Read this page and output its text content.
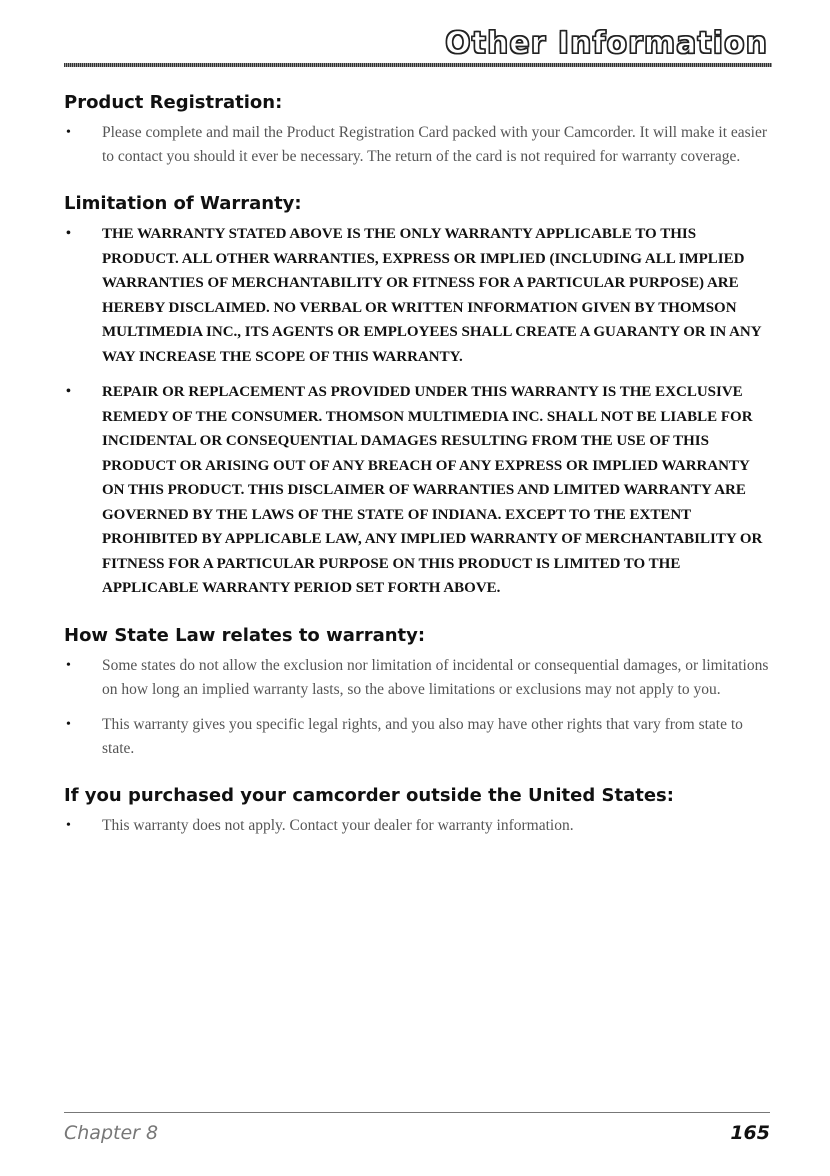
Other Information
Product Registration:
• Please complete and mail the Product Registration Card packed with your Camcorder. It will make it easier to contact you should it ever be necessary. The return of the card is not required for warranty coverage.
Limitation of Warranty:
• THE WARRANTY STATED ABOVE IS THE ONLY WARRANTY APPLICABLE TO THIS PRODUCT. ALL OTHER WARRANTIES, EXPRESS OR IMPLIED (INCLUDING ALL IMPLIED WARRANTIES OF MERCHANTABILITY OR FITNESS FOR A PARTICULAR PURPOSE) ARE HEREBY DISCLAIMED. NO VERBAL OR WRITTEN INFORMATION GIVEN BY THOMSON MULTIMEDIA INC., ITS AGENTS OR EMPLOYEES SHALL CREATE A GUARANTY OR IN ANY WAY INCREASE THE SCOPE OF THIS WARRANTY.
• REPAIR OR REPLACEMENT AS PROVIDED UNDER THIS WARRANTY IS THE EXCLUSIVE REMEDY OF THE CONSUMER. THOMSON MULTIMEDIA INC. SHALL NOT BE LIABLE FOR INCIDENTAL OR CONSEQUENTIAL DAMAGES RESULTING FROM THE USE OF THIS PRODUCT OR ARISING OUT OF ANY BREACH OF ANY EXPRESS OR IMPLIED WARRANTY ON THIS PRODUCT. THIS DISCLAIMER OF WARRANTIES AND LIMITED WARRANTY ARE GOVERNED BY THE LAWS OF THE STATE OF INDIANA. EXCEPT TO THE EXTENT PROHIBITED BY APPLICABLE LAW, ANY IMPLIED WARRANTY OF MERCHANTABILITY OR FITNESS FOR A PARTICULAR PURPOSE ON THIS PRODUCT IS LIMITED TO THE APPLICABLE WARRANTY PERIOD SET FORTH ABOVE.
How State Law relates to warranty:
• Some states do not allow the exclusion nor limitation of incidental or consequential damages, or limitations on how long an implied warranty lasts, so the above limitations or exclusions may not apply to you.
• This warranty gives you specific legal rights, and you also may have other rights that vary from state to state.
If you purchased your camcorder outside the United States:
• This warranty does not apply. Contact your dealer for warranty information.
Chapter 8	165
